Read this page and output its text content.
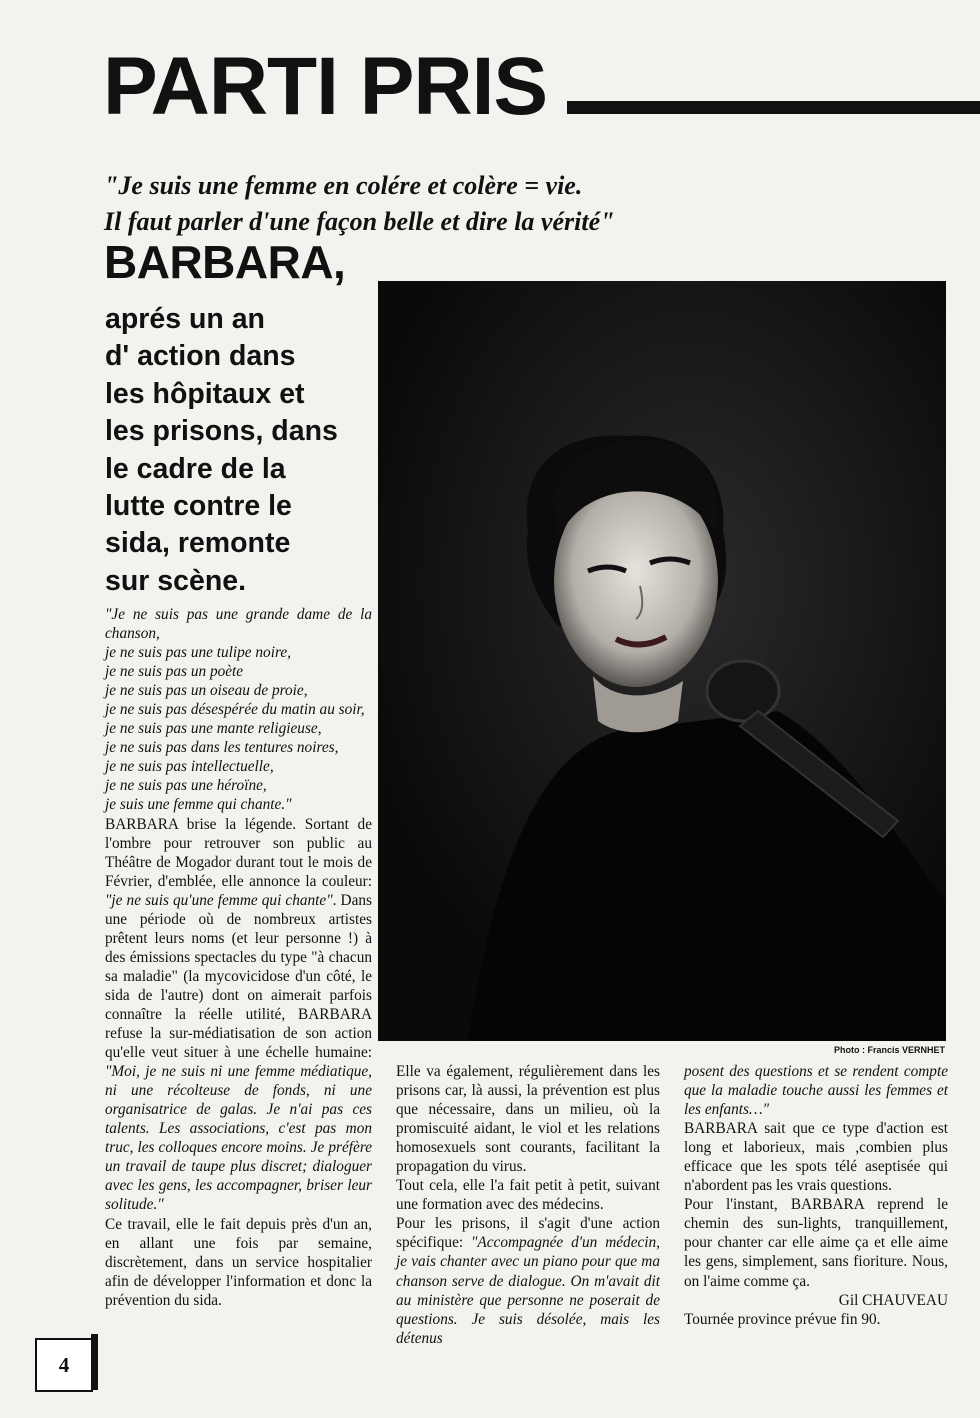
PARTI PRIS
"Je suis une femme en colére et colère = vie.
Il faut parler d'une façon belle et dire la vérité"
BARBARA,
aprés un an
d' action dans
les hôpitaux et
les prisons, dans
le cadre de la
lutte contre le
sida, remonte
sur scène.
Photo : Francis VERNHET

"Je ne suis pas une grande dame de la chanson,

je ne suis pas une tulipe noire,

je ne suis pas un poète

je ne suis pas un oiseau de proie,

je ne suis pas désespérée du matin au soir,

je ne suis pas une mante religieuse,

je ne suis pas dans les tentures noires,

je ne suis pas intellectuelle,

je ne suis pas une héroïne,

je suis une femme qui chante."

BARBARA brise la légende. Sortant de l'ombre pour retrouver son public au Théâtre de Mogador durant tout le mois de Février, d'emblée, elle annonce la couleur: "je ne suis qu'une femme qui chante". Dans une période où de nombreux artistes prêtent leurs noms (et leur personne !) à des émissions spectacles du type "à chacun sa maladie" (la mycovicidose d'un côté, le sida de l'autre) dont on aimerait parfois connaître la réelle utilité, BARBARA refuse la sur-médiatisation de son action qu'elle veut situer à une échelle humaine: "Moi, je ne suis ni une femme médiatique, ni une récolteuse de fonds, ni une organisatrice de galas. Je n'ai pas ces talents. Les associations, c'est pas mon truc, les colloques encore moins. Je préfère un travail de taupe plus discret; dialoguer avec les gens, les accompagner, briser leur solitude."

Ce travail, elle le fait depuis près d'un an, en allant une fois par semaine, discrètement, dans un service hospitalier afin de développer l'information et donc la prévention du sida.

Elle va également, régulièrement dans les prisons car, là aussi, la prévention est plus que nécessaire, dans un milieu, où la promiscuité aidant, le viol et les relations homosexuels sont courants, facilitant la propagation du virus.

Tout cela, elle l'a fait petit à petit, suivant une formation avec des médecins.

Pour les prisons, il s'agit d'une action spécifique: "Accompagnée d'un médecin, je vais chanter avec un piano pour que ma chanson serve de dialogue. On m'avait dit au ministère que personne ne poserait de questions. Je suis désolée, mais les détenus

posent des questions et se rendent compte que la maladie touche aussi les femmes et les enfants…"

BARBARA sait que ce type d'action est long et laborieux, mais ,combien plus efficace que les spots télé aseptisée qui n'abordent pas les vrais questions.

Pour l'instant, BARBARA reprend le chemin des sun-lights, tranquillement, pour chanter car elle aime ça et elle aime les gens, simplement, sans fioriture. Nous, on l'aime comme ça.

Gil CHAUVEAU

Tournée province prévue fin 90.

4
